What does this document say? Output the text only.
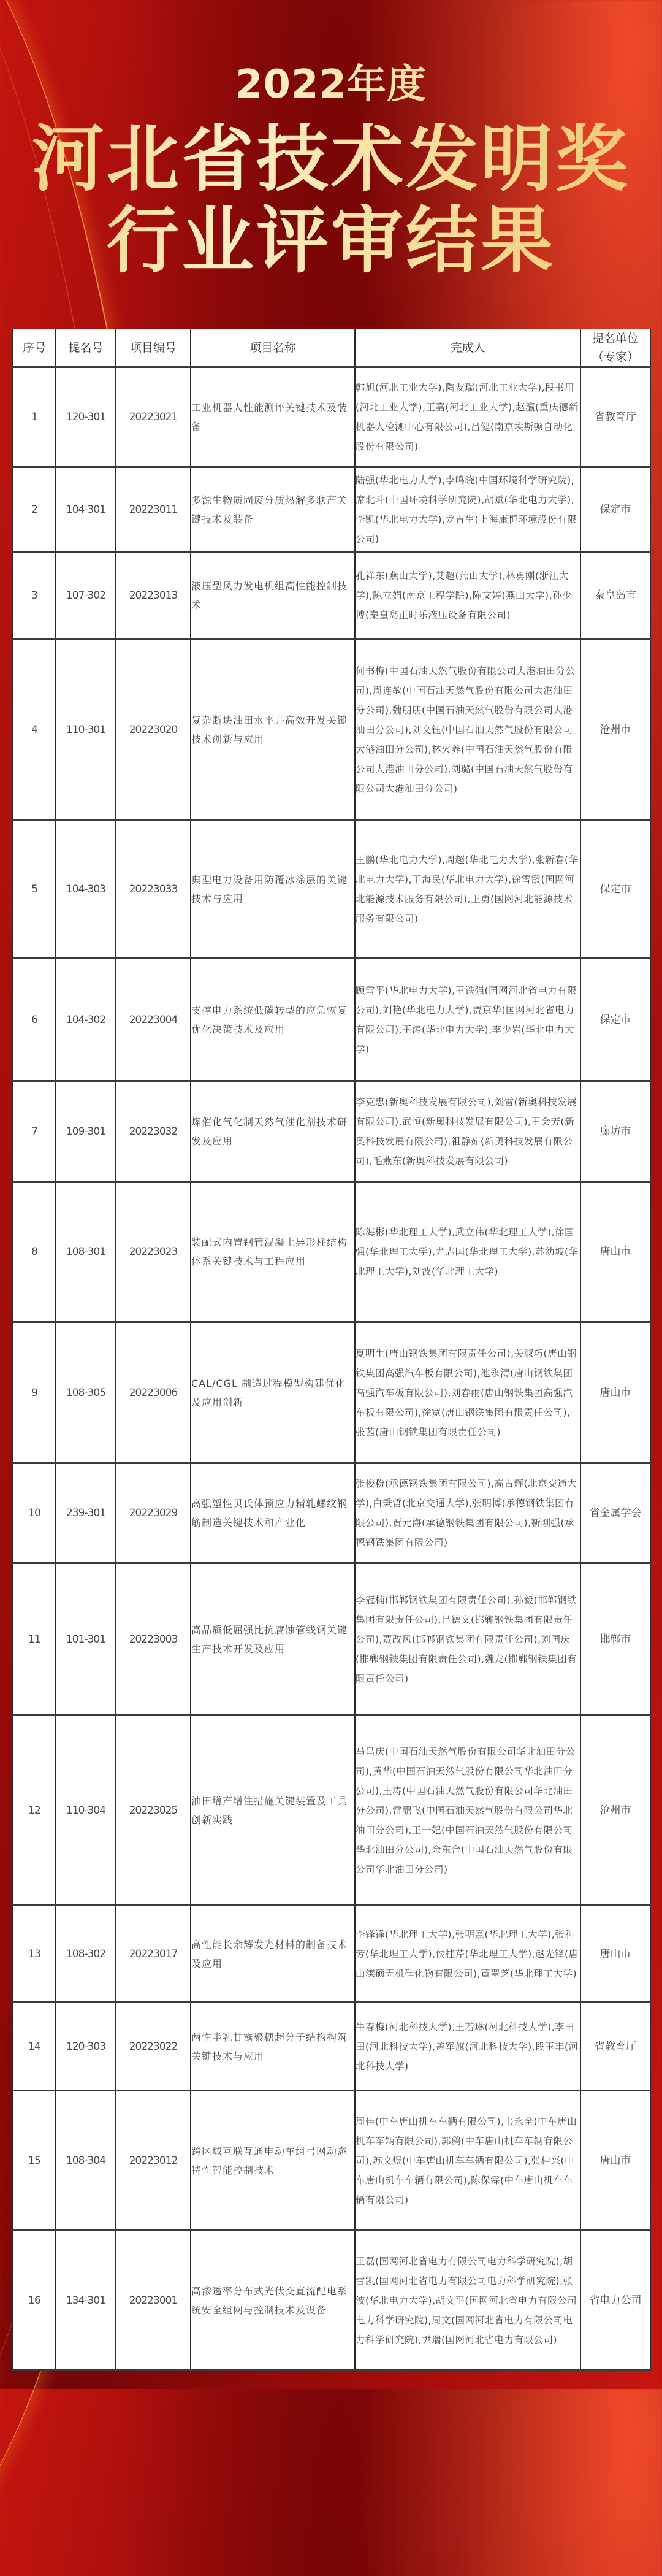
2022年度
河北省技术发明奖
行业评审结果
序号	提名号	项目编号	项目名称	完成人	提名单位（专家）
1	120-301	20223021	工业机器人性能测评关键技术及装备	韩旭(河北工业大学),陶友瑞(河北工业大学),段书用(河北工业大学),王嘉(河北工业大学),赵瀛(重庆德新机器人检测中心有限公司),吕健(南京埃斯顿自动化股份有限公司)	省教育厅
2	104-301	20223011	多源生物质固废分质热解多联产关键技术及装备	陆强(华北电力大学),李鸣晓(中国环境科学研究院),席北斗(中国环境科学研究院),胡斌(华北电力大学),李凯(华北电力大学),龙吉生(上海康恒环境股份有限公司)	保定市
3	107-302	20223013	液压型风力发电机组高性能控制技术	孔祥东(燕山大学),艾超(燕山大学),林勇刚(浙江大学),陈立娟(南京工程学院),陈文婷(燕山大学),孙少博(秦皇岛正时乐液压设备有限公司)	秦皇岛市
4	110-301	20223020	复杂断块油田水平井高效开发关键技术创新与应用	何书梅(中国石油天然气股份有限公司大港油田分公司),周连敏(中国石油天然气股份有限公司大港油田分公司),魏朋朋(中国石油天然气股份有限公司大港油田分公司),刘文钰(中国石油天然气股份有限公司大港油田分公司),林火养(中国石油天然气股份有限公司大港油田分公司),刘璐(中国石油天然气股份有限公司大港油田分公司)	沧州市
5	104-303	20223033	典型电力设备用防覆冰涂层的关键技术与应用	王鹏(华北电力大学),周超(华北电力大学),张新春(华北电力大学),丁海民(华北电力大学),徐雪霞(国网河北能源技术服务有限公司),王勇(国网河北能源技术服务有限公司)	保定市
6	104-302	20223004	支撑电力系统低碳转型的应急恢复优化决策技术及应用	顾雪平(华北电力大学),王铁强(国网河北省电力有限公司),刘艳(华北电力大学),贾京华(国网河北省电力有限公司),王涛(华北电力大学),李少岩(华北电力大学)	保定市
7	109-301	20223032	煤催化气化制天然气催化剂技术研发及应用	李克忠(新奥科技发展有限公司),刘雷(新奥科技发展有限公司),武恒(新奥科技发展有限公司),王会芳(新奥科技发展有限公司),祖静茹(新奥科技发展有限公司),毛燕东(新奥科技发展有限公司)	廊坊市
8	108-301	20223023	装配式内置钢管混凝土异形柱结构体系关键技术与工程应用	陈海彬(华北理工大学),武立伟(华北理工大学),徐国强(华北理工大学),尤志国(华北理工大学),苏幼坡(华北理工大学),刘波(华北理工大学)	唐山市
9	108-305	20223006	CAL/CGL 制造过程模型构建优化及应用创新	夏明生(唐山钢铁集团有限责任公司),关淑巧(唐山钢铁集团高强汽车板有限公司),池永清(唐山钢铁集团高强汽车板有限公司),刘春雨(唐山钢铁集团高强汽车板有限公司),徐宽(唐山钢铁集团有限责任公司),张茜(唐山钢铁集团有限责任公司)	唐山市
10	239-301	20223029	高强塑性贝氏体预应力精轧螺纹钢筋制造关键技术和产业化	张俊粉(承德钢铁集团有限公司),高古辉(北京交通大学),白秉哲(北京交通大学),张明博(承德钢铁集团有限公司),贾元海(承德钢铁集团有限公司),靳刚强(承德钢铁集团有限公司)	省金属学会
11	101-301	20223003	高品质低屈强比抗腐蚀管线钢关键生产技术开发及应用	李冠楠(邯郸钢铁集团有限责任公司),孙毅(邯郸钢铁集团有限责任公司),吕德文(邯郸钢铁集团有限责任公司),贾改风(邯郸钢铁集团有限责任公司),刘国庆(邯郸钢铁集团有限责任公司),魏龙(邯郸钢铁集团有限责任公司)	邯郸市
12	110-304	20223025	油田增产增注措施关键装置及工具创新实践	马昌庆(中国石油天然气股份有限公司华北油田分公司),黄华(中国石油天然气股份有限公司华北油田分公司),王涛(中国石油天然气股份有限公司华北油田分公司),雷鹏飞(中国石油天然气股份有限公司华北油田分公司),王一妃(中国石油天然气股份有限公司华北油田分公司),余东合(中国石油天然气股份有限公司华北油田分公司)	沧州市
13	108-302	20223017	高性能长余辉发光材料的制备技术及应用	李锋锋(华北理工大学),张明熹(华北理工大学),张利芳(华北理工大学),侯桂芹(华北理工大学),赵光锋(唐山滦硕无机硅化物有限公司),董翠芝(华北理工大学)	唐山市
14	120-303	20223022	两性半乳甘露聚糖超分子结构构筑关键技术与应用	牛春梅(河北科技大学),王若琳(河北科技大学),李田田(河北科技大学),盖军旗(河北科技大学),段玉丰(河北科技大学)	省教育厅
15	108-304	20223012	跨区域互联互通电动车组弓网动态特性智能控制技术	周佳(中车唐山机车车辆有限公司),韦永全(中车唐山机车车辆有限公司),郭鹞(中车唐山机车车辆有限公司),苏文煜(中车唐山机车车辆有限公司),张桂兴(中车唐山机车车辆有限公司),陈保霖(中车唐山机车车辆有限公司)	唐山市
16	134-301	20223001	高渗透率分布式光伏交直流配电系统安全组网与控制技术及设备	王磊(国网河北省电力有限公司电力科学研究院),胡雪凯(国网河北省电力有限公司电力科学研究院),张波(华北电力大学),胡文平(国网河北省电力有限公司电力科学研究院),周文(国网河北省电力有限公司电力科学研究院),尹瑞(国网河北省电力有限公司)	省电力公司
